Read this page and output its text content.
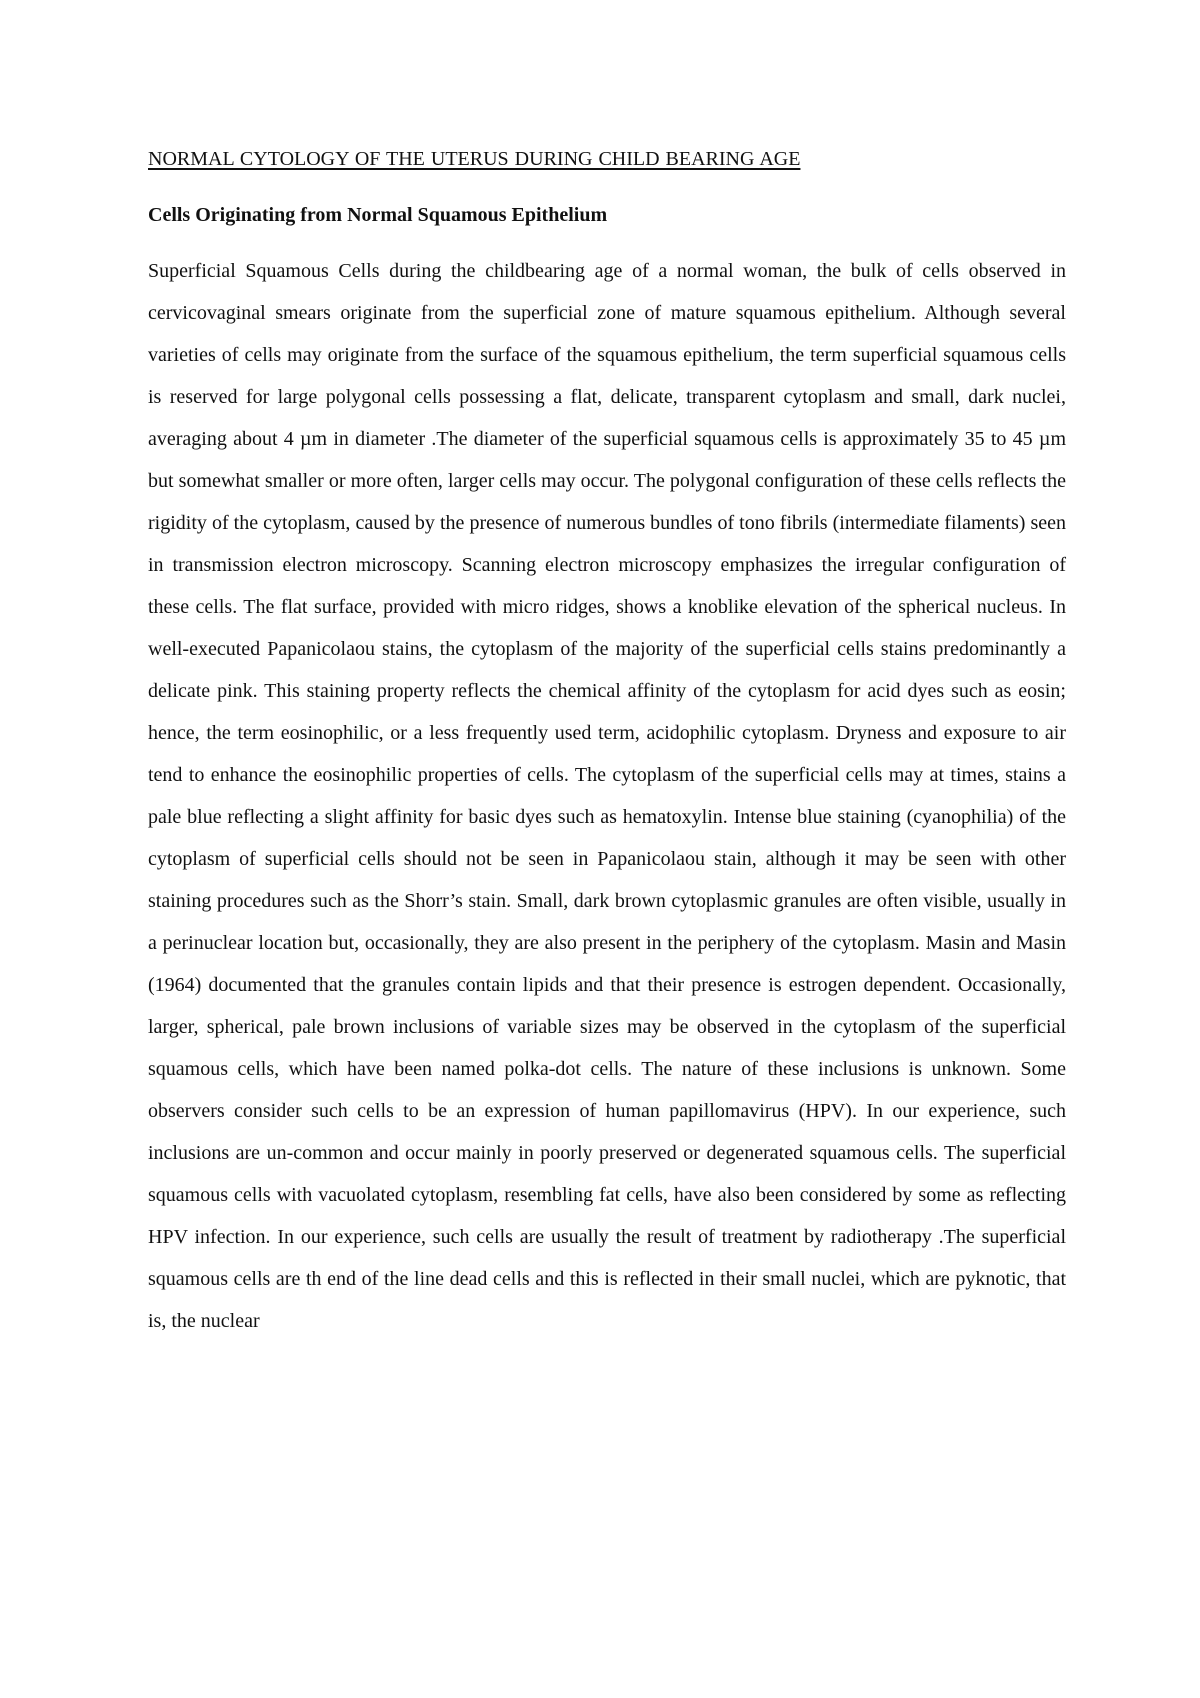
NORMAL CYTOLOGY OF THE UTERUS DURING CHILD BEARING AGE
Cells Originating from Normal Squamous Epithelium

Superficial Squamous Cells during the childbearing age of a normal woman, the bulk of cells observed in cervicovaginal smears originate from the superficial zone of mature squamous epithelium. Although several varieties of cells may originate from the surface of the squamous epithelium, the term superficial squamous cells is reserved for large polygonal cells possessing a flat, delicate, transparent cytoplasm and small, dark nuclei, averaging about 4 µm in diameter .The diameter of the superficial squamous cells is approximately 35 to 45 µm but somewhat smaller or more often, larger cells may occur. The polygonal configuration of these cells reflects the rigidity of the cytoplasm, caused by the presence of numerous bundles of tono fibrils (intermediate filaments) seen in transmission electron microscopy. Scanning electron microscopy emphasizes the irregular configuration of these cells. The flat surface, provided with micro ridges, shows a knoblike elevation of the spherical nucleus. In well-executed Papanicolaou stains, the cytoplasm of the majority of the superficial cells stains predominantly a delicate pink. This staining property reflects the chemical affinity of the cytoplasm for acid dyes such as eosin; hence, the term eosinophilic, or a less frequently used term, acidophilic cytoplasm. Dryness and exposure to air tend to enhance the eosinophilic properties of cells. The cytoplasm of the superficial cells may at times, stains a pale blue reflecting a slight affinity for basic dyes such as hematoxylin. Intense blue staining (cyanophilia) of the cytoplasm of superficial cells should not be seen in Papanicolaou stain, although it may be seen with other staining procedures such as the Shorr’s stain. Small, dark brown cytoplasmic granules are often visible, usually in a perinuclear location but, occasionally, they are also present in the periphery of the cytoplasm. Masin and Masin (1964) documented that the granules contain lipids and that their presence is estrogen dependent. Occasionally, larger, spherical, pale brown inclusions of variable sizes may be observed in the cytoplasm of the superficial squamous cells, which have been named polka-dot cells. The nature of these inclusions is unknown. Some observers consider such cells to be an expression of human papillomavirus (HPV). In our experience, such inclusions are un-common and occur mainly in poorly preserved or degenerated squamous cells. The superficial squamous cells with vacuolated cytoplasm, resembling fat cells, have also been considered by some as reflecting HPV infection. In our experience, such cells are usually the result of treatment by radiotherapy .The superficial squamous cells are th end of the line dead cells and this is reflected in their small nuclei, which are pyknotic, that is, the nuclear
